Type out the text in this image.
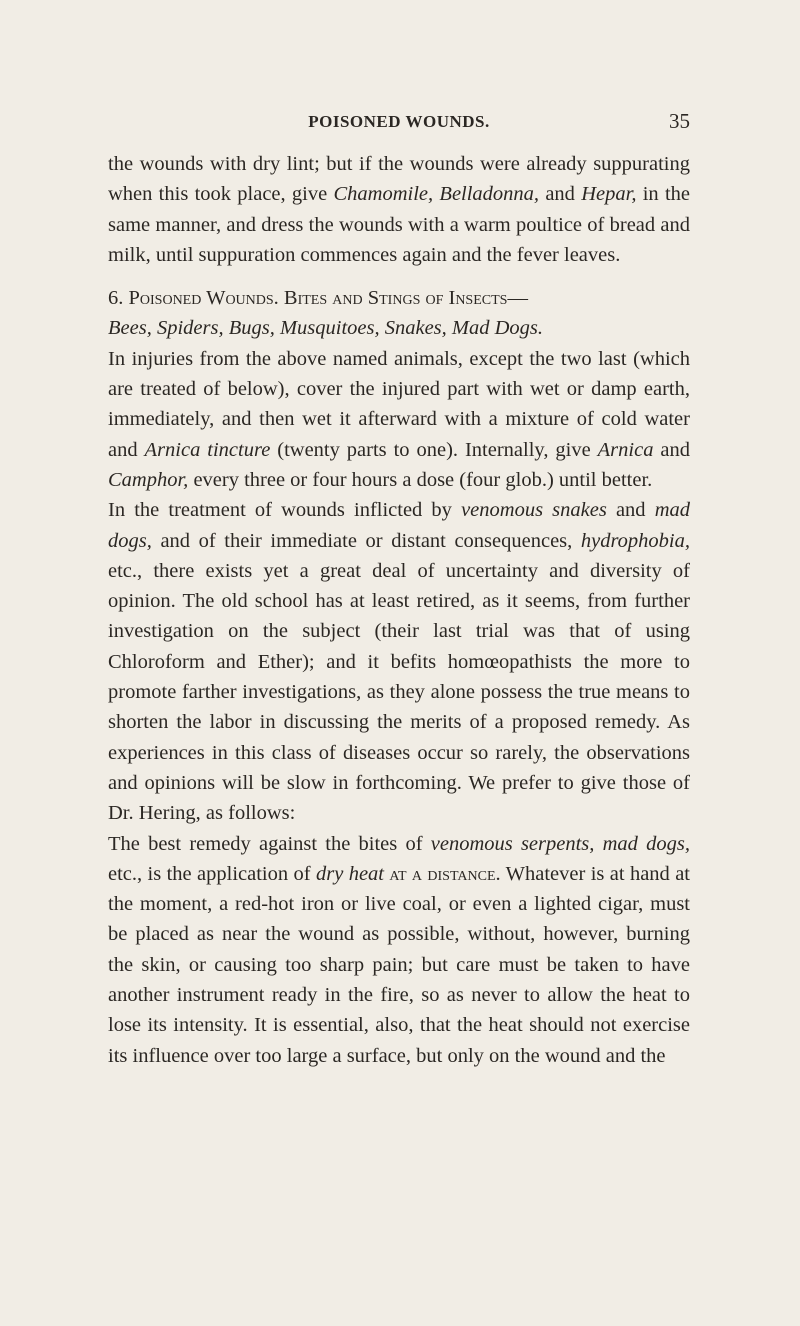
POISONED WOUNDS.	35

the wounds with dry lint; but if the wounds were already suppurating when this took place, give Chamomile, Belladonna, and Hepar, in the same manner, and dress the wounds with a warm poultice of bread and milk, until suppuration commences again and the fever leaves.

6. Poisoned Wounds. Bites and Stings of Insects—
Bees, Spiders, Bugs, Musquitoes, Snakes, Mad Dogs.

In injuries from the above named animals, except the two last (which are treated of below), cover the injured part with wet or damp earth, immediately, and then wet it afterward with a mixture of cold water and Arnica tincture (twenty parts to one). Internally, give Arnica and Camphor, every three or four hours a dose (four glob.) until better.

In the treatment of wounds inflicted by venomous snakes and mad dogs, and of their immediate or distant consequences, hydrophobia, etc., there exists yet a great deal of uncertainty and diversity of opinion. The old school has at least retired, as it seems, from further investigation on the subject (their last trial was that of using Chloroform and Ether); and it befits homœopathists the more to promote farther investigations, as they alone possess the true means to shorten the labor in discussing the merits of a proposed remedy. As experiences in this class of diseases occur so rarely, the observations and opinions will be slow in forthcoming. We prefer to give those of Dr. Hering, as follows:

The best remedy against the bites of venomous serpents, mad dogs, etc., is the application of dry heat at a distance. Whatever is at hand at the moment, a red-hot iron or live coal, or even a lighted cigar, must be placed as near the wound as possible, without, however, burning the skin, or causing too sharp pain; but care must be taken to have another instrument ready in the fire, so as never to allow the heat to lose its intensity. It is essential, also, that the heat should not exercise its influence over too large a surface, but only on the wound and the
